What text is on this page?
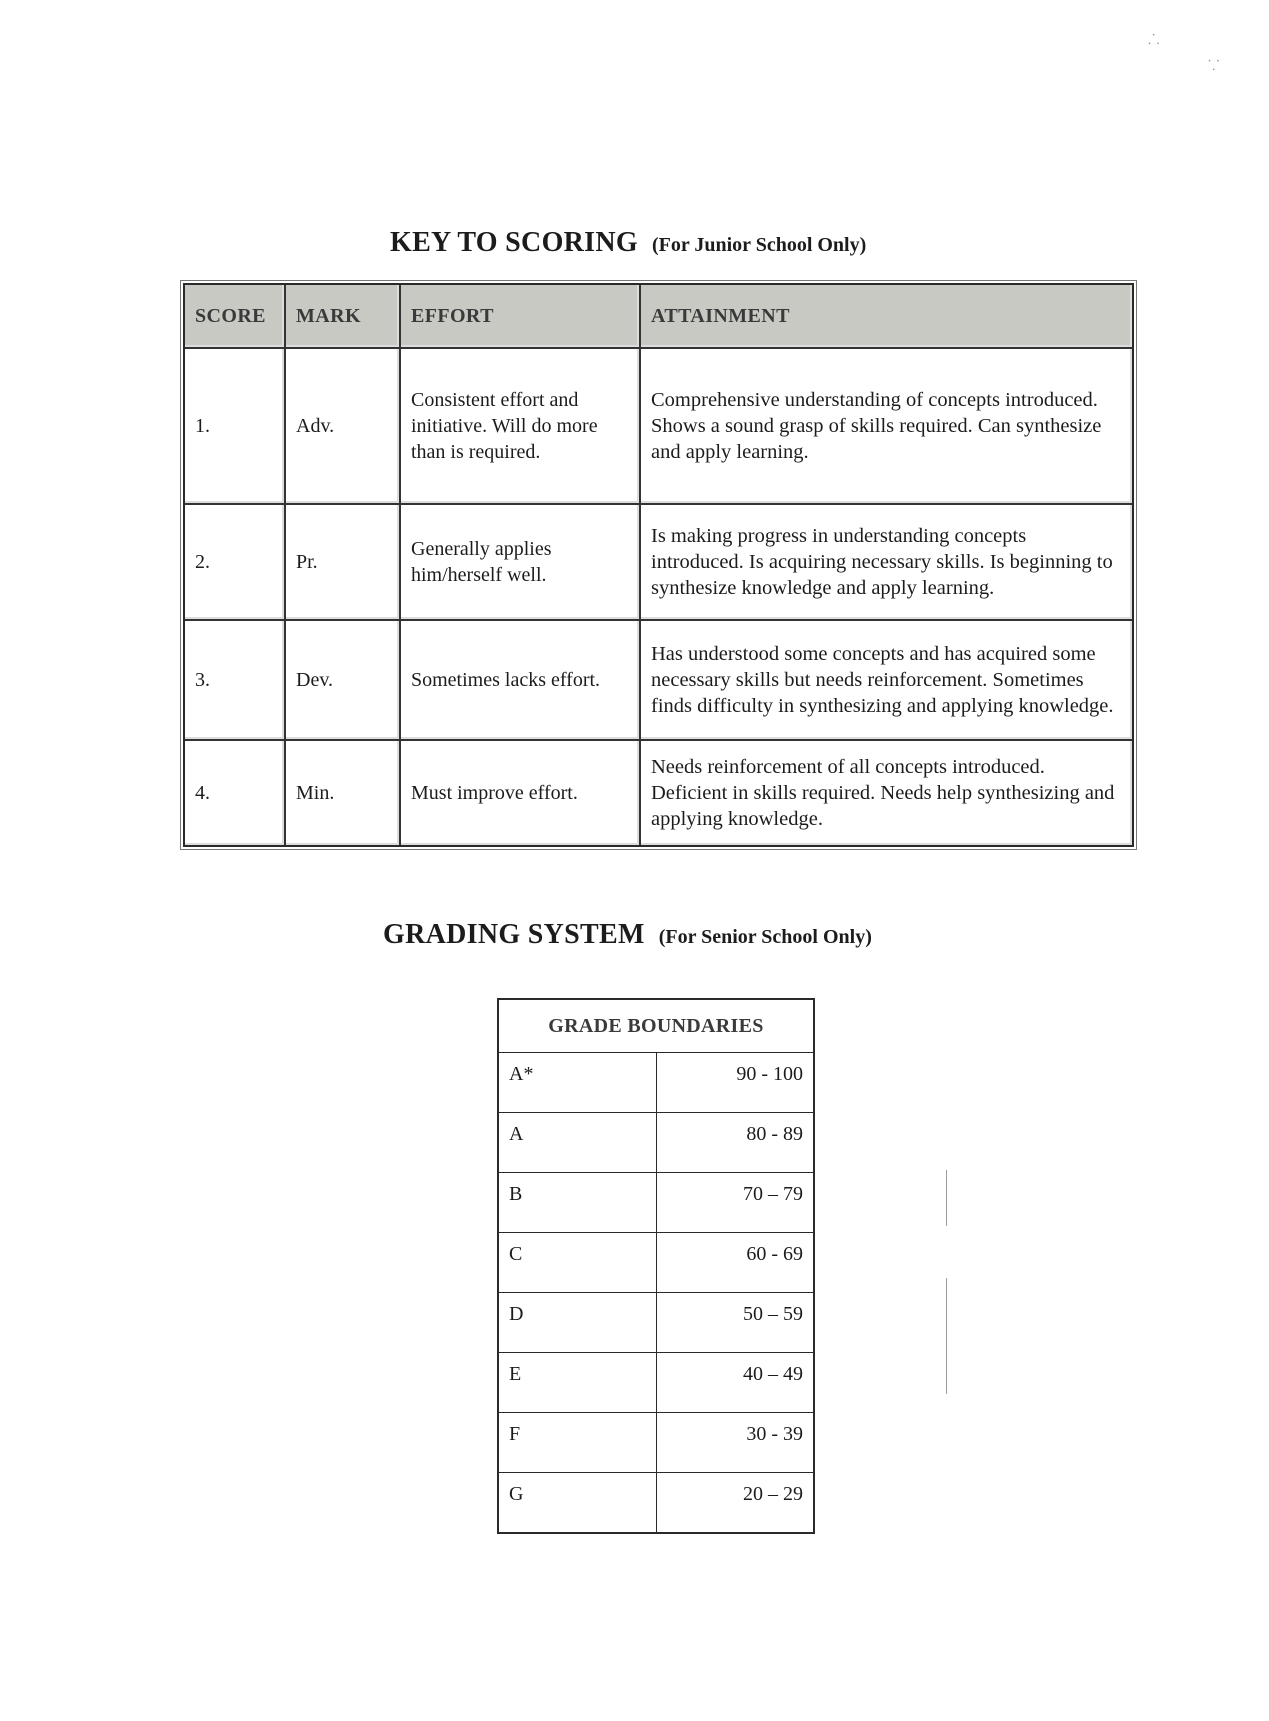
⸫
⸪
KEY TO SCORING (For Junior School Only)
SCORE	MARK	EFFORT	ATTAINMENT
1.	Adv.	Consistent effort and initiative. Will do more than is required.	Comprehensive understanding of concepts introduced. Shows a sound grasp of skills required. Can synthesize and apply learning.
2.	Pr.	Generally applies him/herself well.	Is making progress in understanding concepts introduced. Is acquiring necessary skills. Is beginning to synthesize knowledge and apply learning.
3.	Dev.	Sometimes lacks effort.	Has understood some concepts and has acquired some necessary skills but needs reinforcement. Sometimes finds difficulty in synthesizing and applying knowledge.
4.	Min.	Must improve effort.	Needs reinforcement of all concepts introduced. Deficient in skills required. Needs help synthesizing and applying knowledge.
GRADING SYSTEM (For Senior School Only)
GRADE BOUNDARIES	
A*	90 - 100
A	80 - 89
B	70 – 79
C	60 - 69
D	50 – 59
E	40 – 49
F	30 - 39
G	20 – 29
